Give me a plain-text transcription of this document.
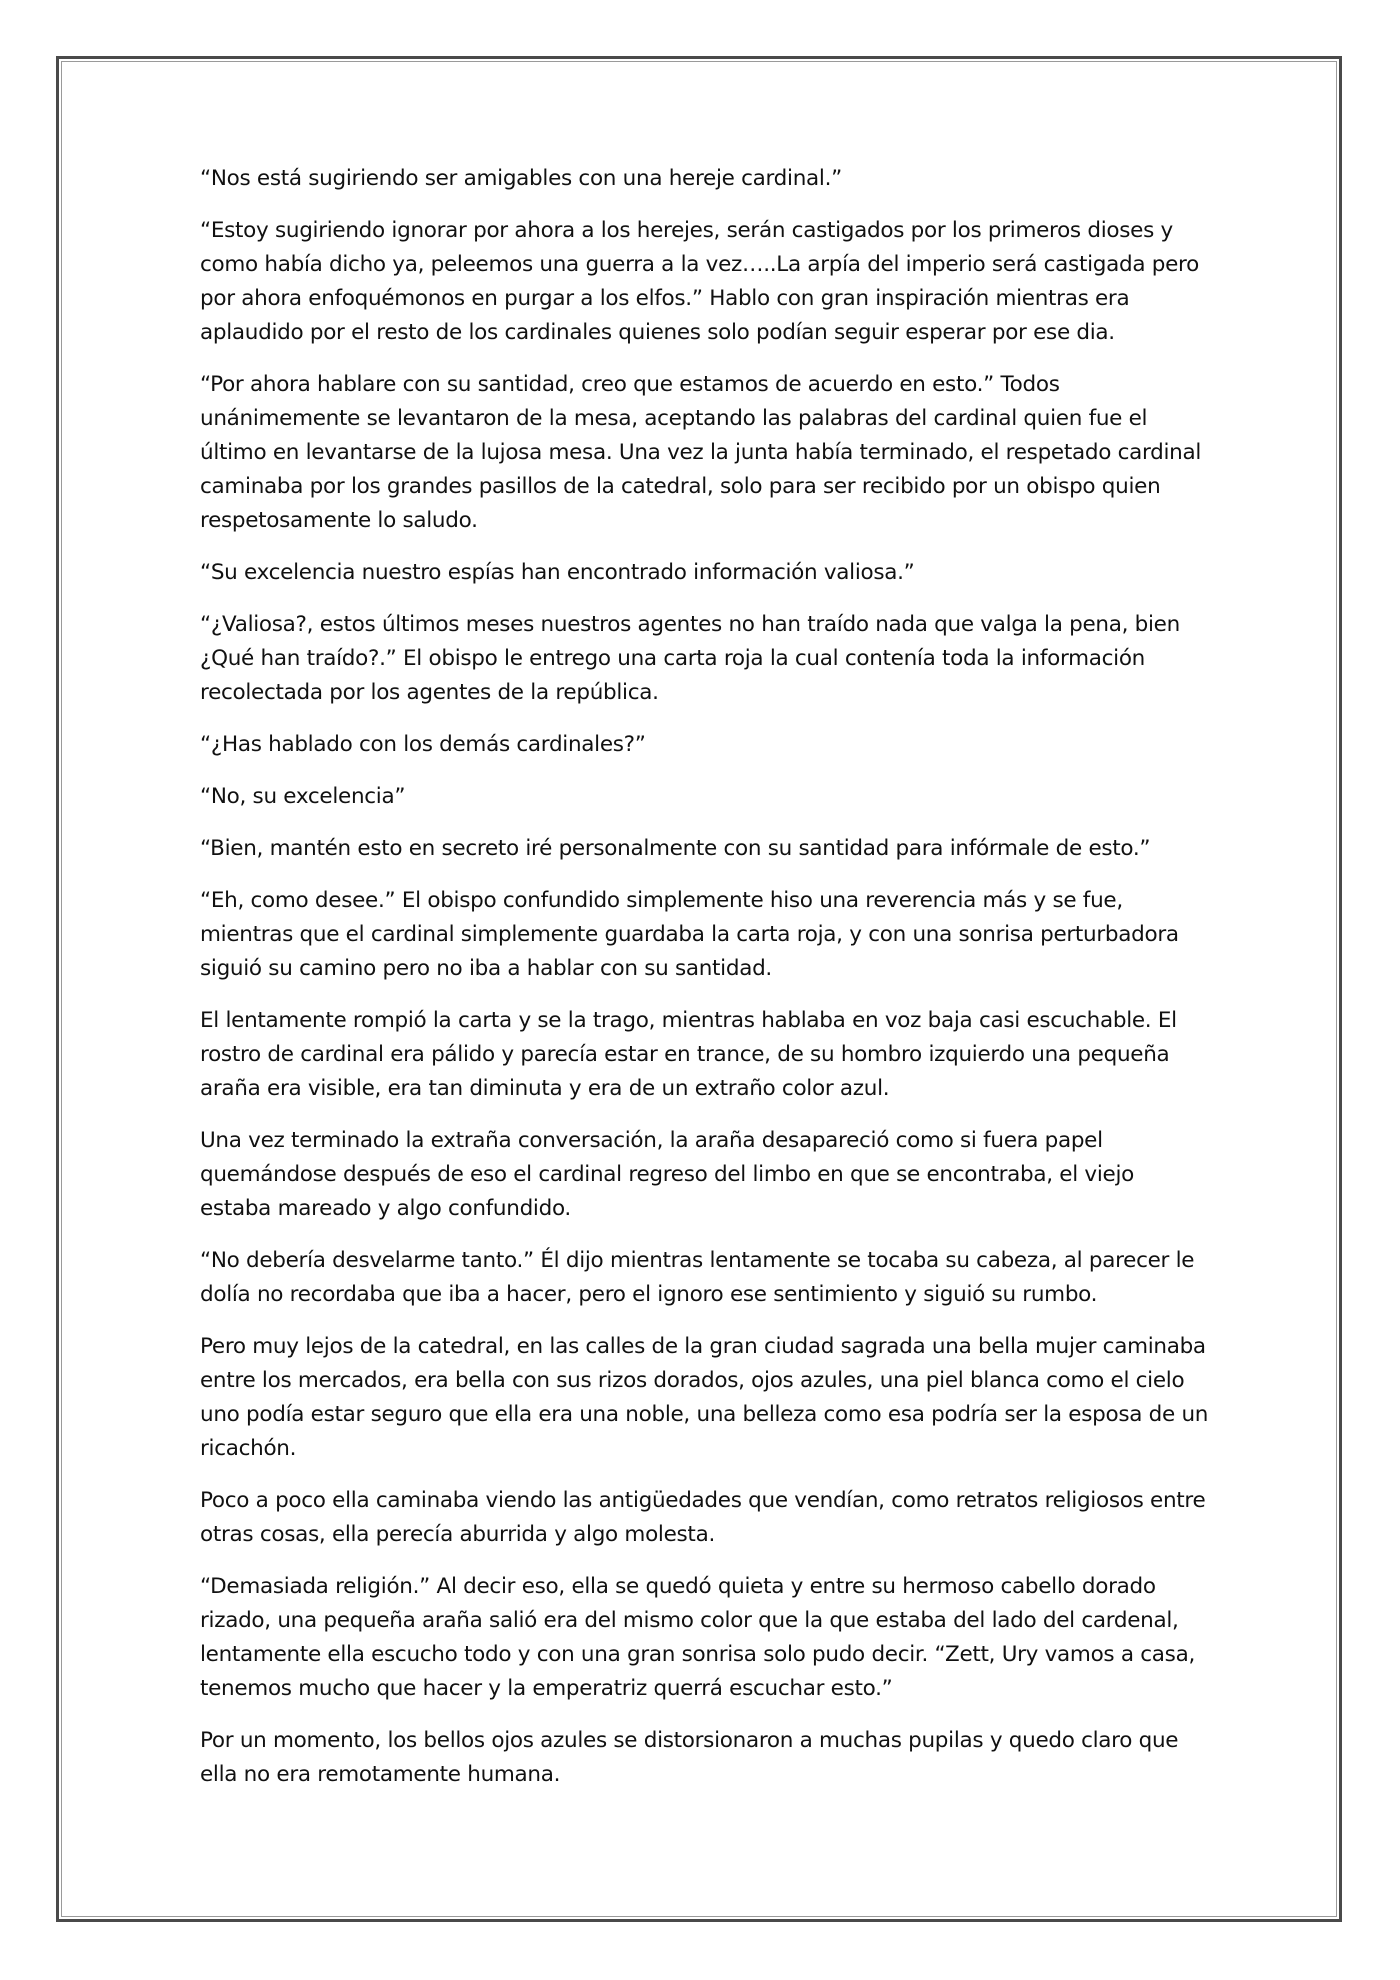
“Nos está sugiriendo ser amigables con una hereje cardinal.”

“Estoy sugiriendo ignorar por ahora a los herejes, serán castigados por los primeros dioses y como había dicho ya, peleemos una guerra a la vez…..La arpía del imperio será castigada pero por ahora enfoquémonos en purgar a los elfos.” Hablo con gran inspiración mientras era aplaudido por el resto de los cardinales quienes solo podían seguir esperar por ese dia.

“Por ahora hablare con su santidad, creo que estamos de acuerdo en esto.” Todos unánimemente se levantaron de la mesa, aceptando las palabras del cardinal quien fue el último en levantarse de la lujosa mesa. Una vez la junta había terminado, el respetado cardinal caminaba por los grandes pasillos de la catedral, solo para ser recibido por un obispo quien respetosamente lo saludo.

“Su excelencia nuestro espías han encontrado información valiosa.”

“¿Valiosa?, estos últimos meses nuestros agentes no han traído nada que valga la pena, bien ¿Qué han traído?.” El obispo le entrego una carta roja la cual contenía toda la información recolectada por los agentes de la república.

“¿Has hablado con los demás cardinales?”

“No, su excelencia”

“Bien, mantén esto en secreto iré personalmente con su santidad para infórmale de esto.”

“Eh, como desee.” El obispo confundido simplemente hiso una reverencia más y se fue, mientras que el cardinal simplemente guardaba la carta roja, y con una sonrisa perturbadora siguió su camino pero no iba a hablar con su santidad.

El lentamente rompió la carta y se la trago, mientras hablaba en voz baja casi escuchable. El rostro de cardinal era pálido y parecía estar en trance, de su hombro izquierdo una pequeña araña era visible, era tan diminuta y era de un extraño color azul.

Una vez terminado la extraña conversación, la araña desapareció como si fuera papel quemándose después de eso el cardinal regreso del limbo en que se encontraba, el viejo estaba mareado y algo confundido.

“No debería desvelarme tanto.” Él dijo mientras lentamente se tocaba su cabeza, al parecer le dolía no recordaba que iba a hacer, pero el ignoro ese sentimiento y siguió su rumbo.

Pero muy lejos de la catedral, en las calles de la gran ciudad sagrada una bella mujer caminaba entre los mercados, era bella con sus rizos dorados, ojos azules, una piel blanca como el cielo uno podía estar seguro que ella era una noble, una belleza como esa podría ser la esposa de un ricachón.

Poco a poco ella caminaba viendo las antigüedades que vendían, como retratos religiosos entre otras cosas, ella perecía aburrida y algo molesta.

“Demasiada religión.” Al decir eso, ella se quedó quieta y entre su hermoso cabello dorado rizado, una pequeña araña salió era del mismo color que la que estaba del lado del cardenal, lentamente ella escucho todo y con una gran sonrisa solo pudo decir. “Zett, Ury vamos a casa, tenemos mucho que hacer y la emperatriz querrá escuchar esto.”

Por un momento, los bellos ojos azules se distorsionaron a muchas pupilas y quedo claro que ella no era remotamente humana.
